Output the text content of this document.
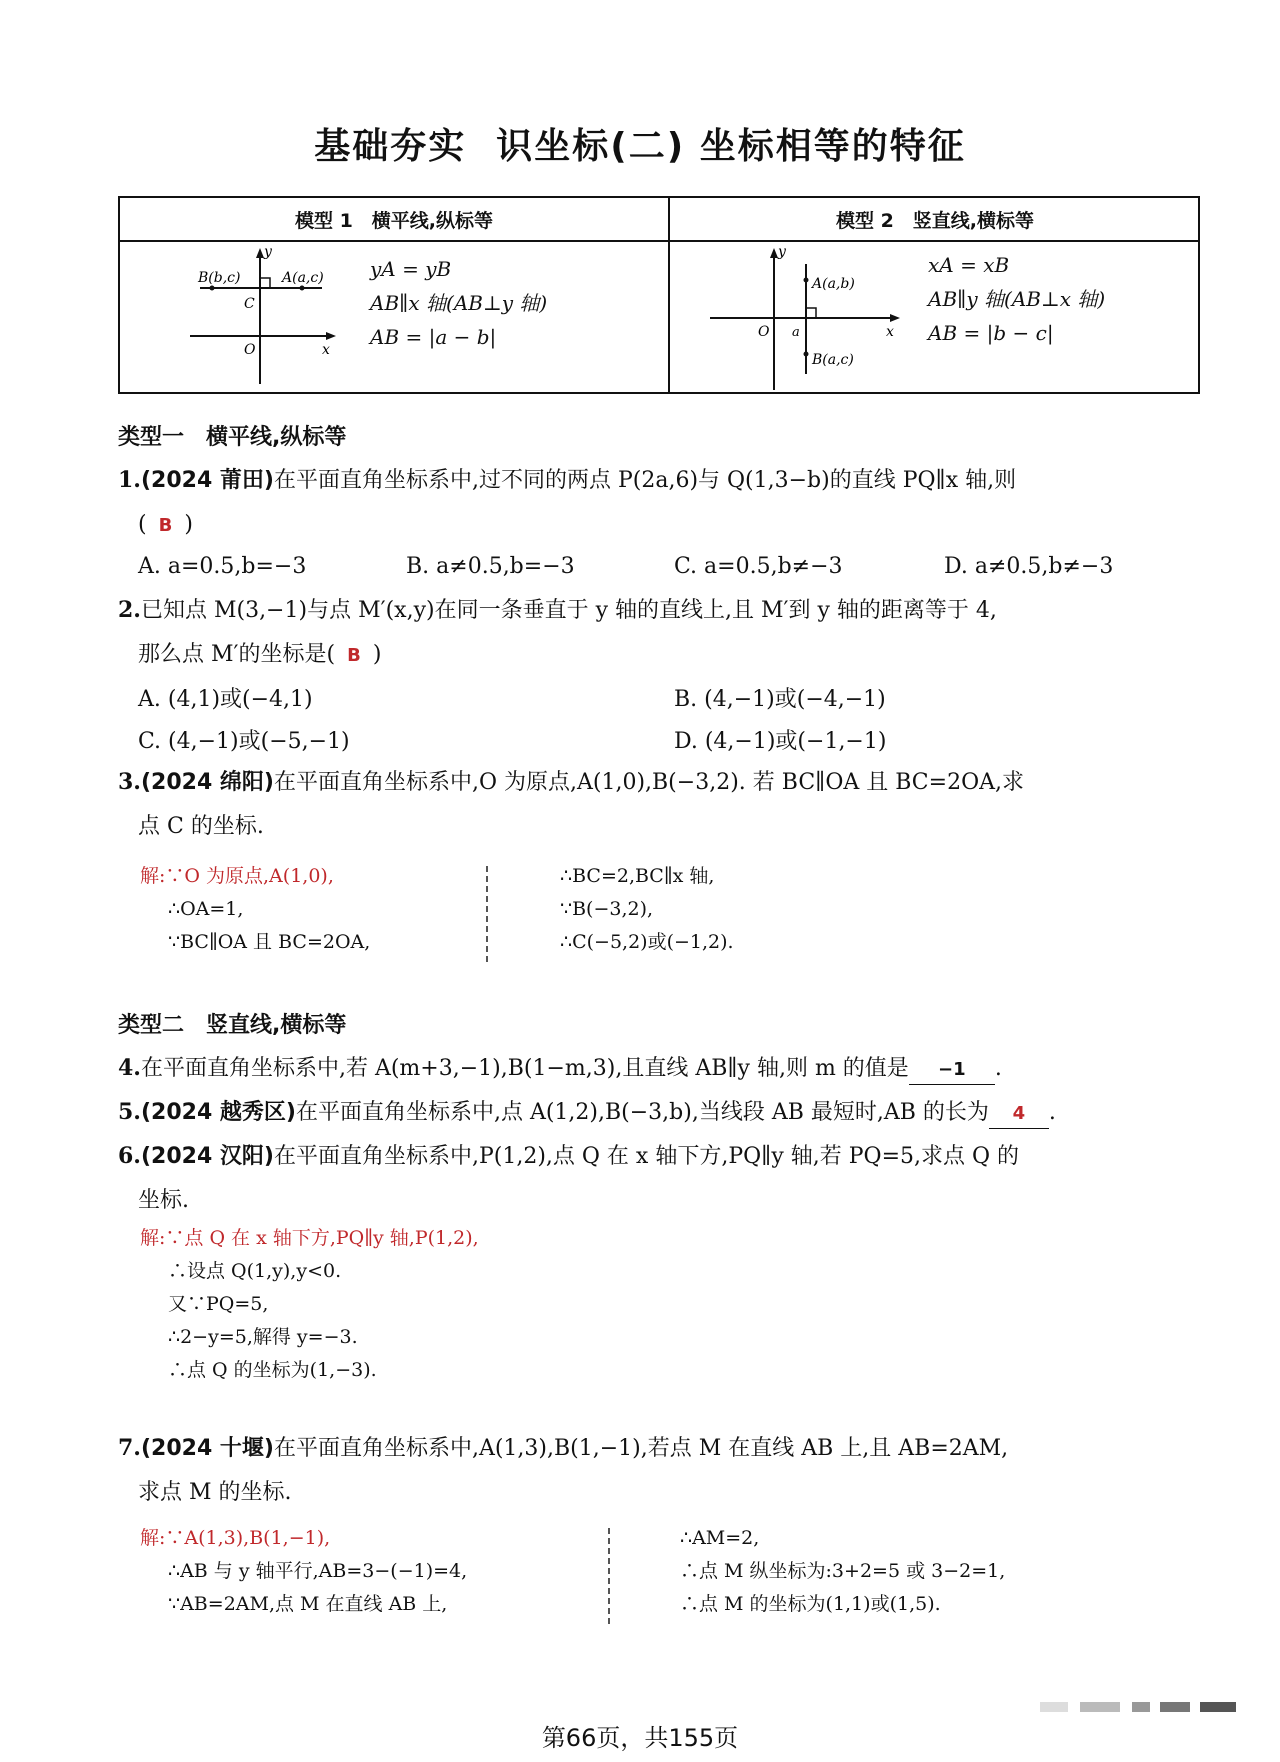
基础夯实 识坐标(二) 坐标相等的特征
模型 1　横平线,纵标等	模型 2　竖直线,横标等
y
x
O
C
B(b,c)	A(a,c) yA = yB
AB∥x 轴(AB⊥y 轴)
AB = |a − b|
y
x
O a
A(a,b)
B(a,c)
xA = xB
AB∥y 轴(AB⊥x 轴)
AB = |b − c|
类型一　横平线,纵标等
1.(2024 莆田)在平面直角坐标系中,过不同的两点 P(2a,6)与 Q(1,3−b)的直线 PQ∥x 轴,则
( B )
A. a=0.5,b=−3	B. a≠0.5,b=−3	C. a=0.5,b≠−3	D. a≠0.5,b≠−3
2.已知点 M(3,−1)与点 M′(x,y)在同一条垂直于 y 轴的直线上,且 M′到 y 轴的距离等于 4,
那么点 M′的坐标是( B )
A. (4,1)或(−4,1)	B. (4,−1)或(−4,−1)
C. (4,−1)或(−5,−1)	D. (4,−1)或(−1,−1)
3.(2024 绵阳)在平面直角坐标系中,O 为原点,A(1,0),B(−3,2). 若 BC∥OA 且 BC=2OA,求
点 C 的坐标.
解:∵O 为原点,A(1,0),
∴OA=1,
∵BC∥OA 且 BC=2OA,
∴BC=2,BC∥x 轴,
∵B(−3,2),
∴C(−5,2)或(−1,2).
类型二　竖直线,横标等
4.在平面直角坐标系中,若 A(m+3,−1),B(1−m,3),且直线 AB∥y 轴,则 m 的值是 −1 .
5.(2024 越秀区)在平面直角坐标系中,点 A(1,2),B(−3,b),当线段 AB 最短时,AB 的长为 4 .
6.(2024 汉阳)在平面直角坐标系中,P(1,2),点 Q 在 x 轴下方,PQ∥y 轴,若 PQ=5,求点 Q 的
坐标.
解:∵点 Q 在 x 轴下方,PQ∥y 轴,P(1,2),
∴设点 Q(1,y),y<0.
又∵PQ=5,
∴2−y=5,解得 y=−3.
∴点 Q 的坐标为(1,−3).
7.(2024 十堰)在平面直角坐标系中,A(1,3),B(1,−1),若点 M 在直线 AB 上,且 AB=2AM,
求点 M 的坐标.
解:∵A(1,3),B(1,−1),
∴AB 与 y 轴平行,AB=3−(−1)=4,
∵AB=2AM,点 M 在直线 AB 上,
∴AM=2,
∴点 M 纵坐标为:3+2=5 或 3−2=1,
∴点 M 的坐标为(1,1)或(1,5).
第66页，共155页
